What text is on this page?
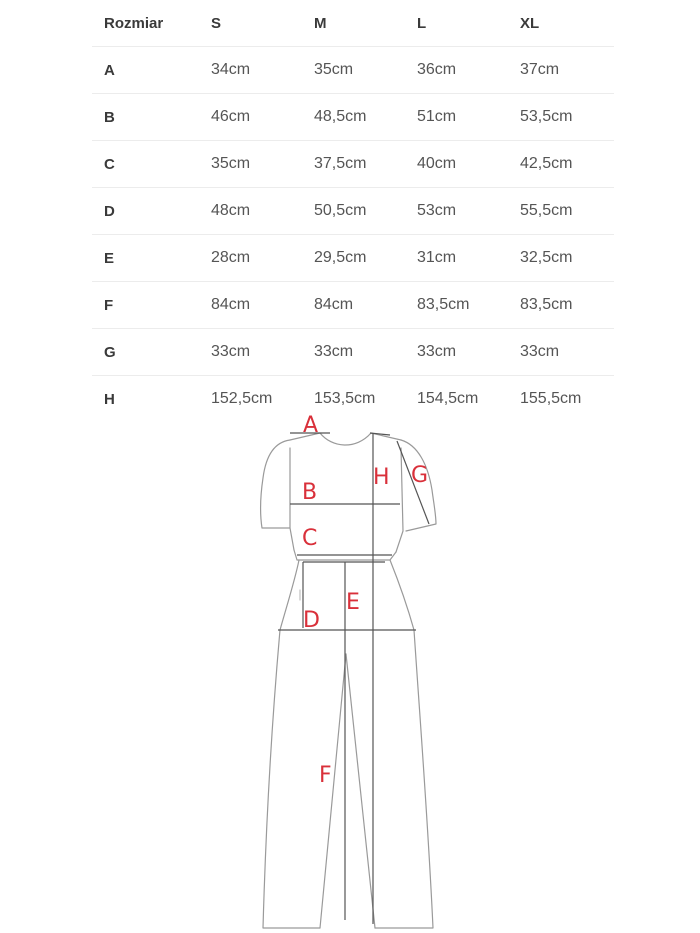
Rozmiar	S	M	L	XL
A	34cm	35cm	36cm	37cm
B	46cm	48,5cm	51cm	53,5cm
C	35cm	37,5cm	40cm	42,5cm
D	48cm	50,5cm	53cm	55,5cm
E	28cm	29,5cm	31cm	32,5cm
F	84cm	84cm	83,5cm	83,5cm
G	33cm	33cm	33cm	33cm
H	152,5cm	153,5cm	154,5cm	155,5cm
A
B
C
D
E
F
G
H
